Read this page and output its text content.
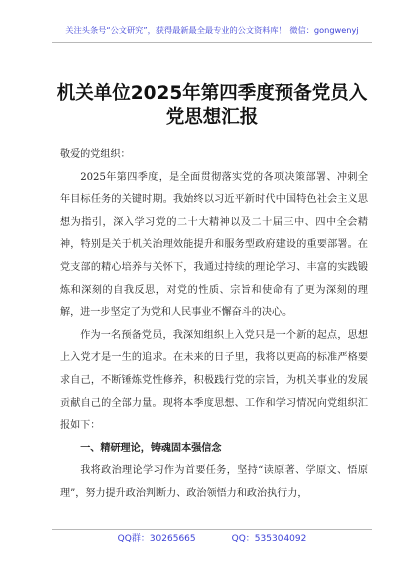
关注头条号“公文研究”，获得最新最全最专业的公文资料库！ 微信：gongwenyj
机关单位2025年第四季度预备党员入
党思想汇报

敬爱的党组织：

2025年第四季度，是全面贯彻落实党的各项决策部署、冲刺全年目标任务的关键时期。我始终以习近平新时代中国特色社会主义思想为指引，深入学习党的二十大精神以及二十届三中、四中全会精神，特别是关于机关治理效能提升和服务型政府建设的重要部署。在党支部的精心培养与关怀下，我通过持续的理论学习、丰富的实践锻炼和深刻的自我反思，对党的性质、宗旨和使命有了更为深刻的理解，进一步坚定了为党和人民事业不懈奋斗的决心。

作为一名预备党员，我深知组织上入党只是一个新的起点，思想上入党才是一生的追求。在未来的日子里，我将以更高的标准严格要求自己，不断锤炼党性修养，积极践行党的宗旨，为机关事业的发展贡献自己的全部力量。现将本季度思想、工作和学习情况向党组织汇报如下：

一、精研理论，铸魂固本强信念

我将政治理论学习作为首要任务，坚持“读原著、学原文、悟原理”，努力提升政治判断力、政治领悟力和政治执行力，

QQ群：30265665	QQ：535304092
